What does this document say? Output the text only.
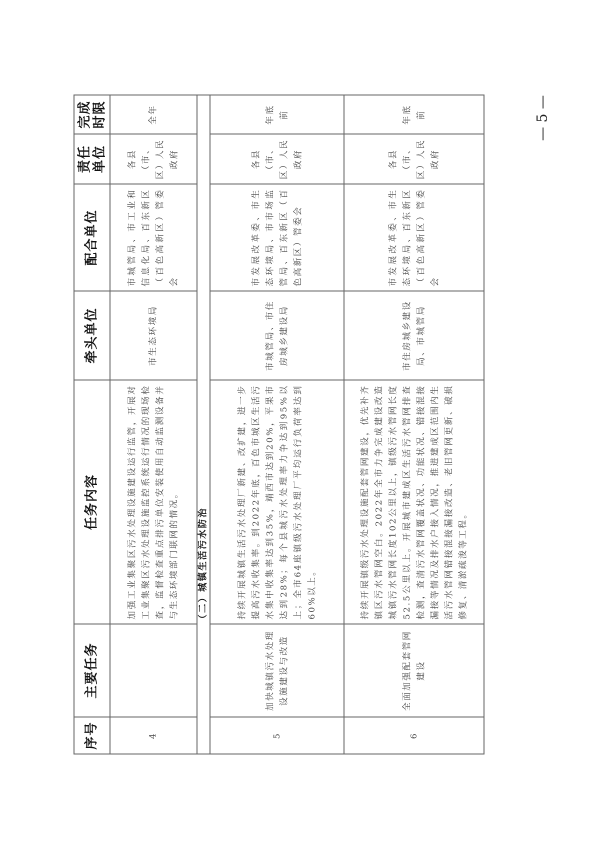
序号	主要任务	任务内容	牵头单位	配合单位	责任单位	完成时限
4		加强工业集聚区污水处理设施建设运行监管，开展对工业集聚区污水处理设施监控系统运行情况的现场检查，监督检查重点排污单位安装使用自动监测设备并与生态环境部门联网的情况。	市生态环境局	市城管局、市工业和信息化局、百东新区（百色高新区）管委会	各县（市、区）人民政府	全年
（二）城镇生活污水防治						
5	加快城镇污水处理设施建设与改造	持续开展城镇生活污水处理厂新建、改扩建，进一步提高污水收集率。到2022年底，百色市城区生活污水集中收集率达到35%，靖西市达到20%，平果市达到28%；每个县城污水处理率力争达到95%以上；全市64座镇级污水处理厂平均运行负荷率达到60%以上。	市城管局、市住房城乡建设局	市发展改革委、市生态环境局、市市场监管局、百东新区（百色高新区）管委会	各县（市、区）人民政府	年底前
6	全面加强配套管网建设	持续开展镇级污水处理设施配套管网建设，优先补齐镇区污水管网空白。2022年全市力争完成建设改造城镇污水管网长度102公里以上，镇级污水管网长度52.5公里以上。开展城市建成区生活污水管网排查检测，查清污水管网覆盖状况、功能状况、错接混接漏接等情况及排水户接入情况，推进建成区范围内生活污水管网错接混接漏接改造、老旧管网更新、破损修复、清淤疏浚等工程。	市住房城乡建设局、市城管局	市发展改革委、市生态环境局、百东新区（百色高新区）管委会	各县（市、区）人民政府	年底前	— 5 —
